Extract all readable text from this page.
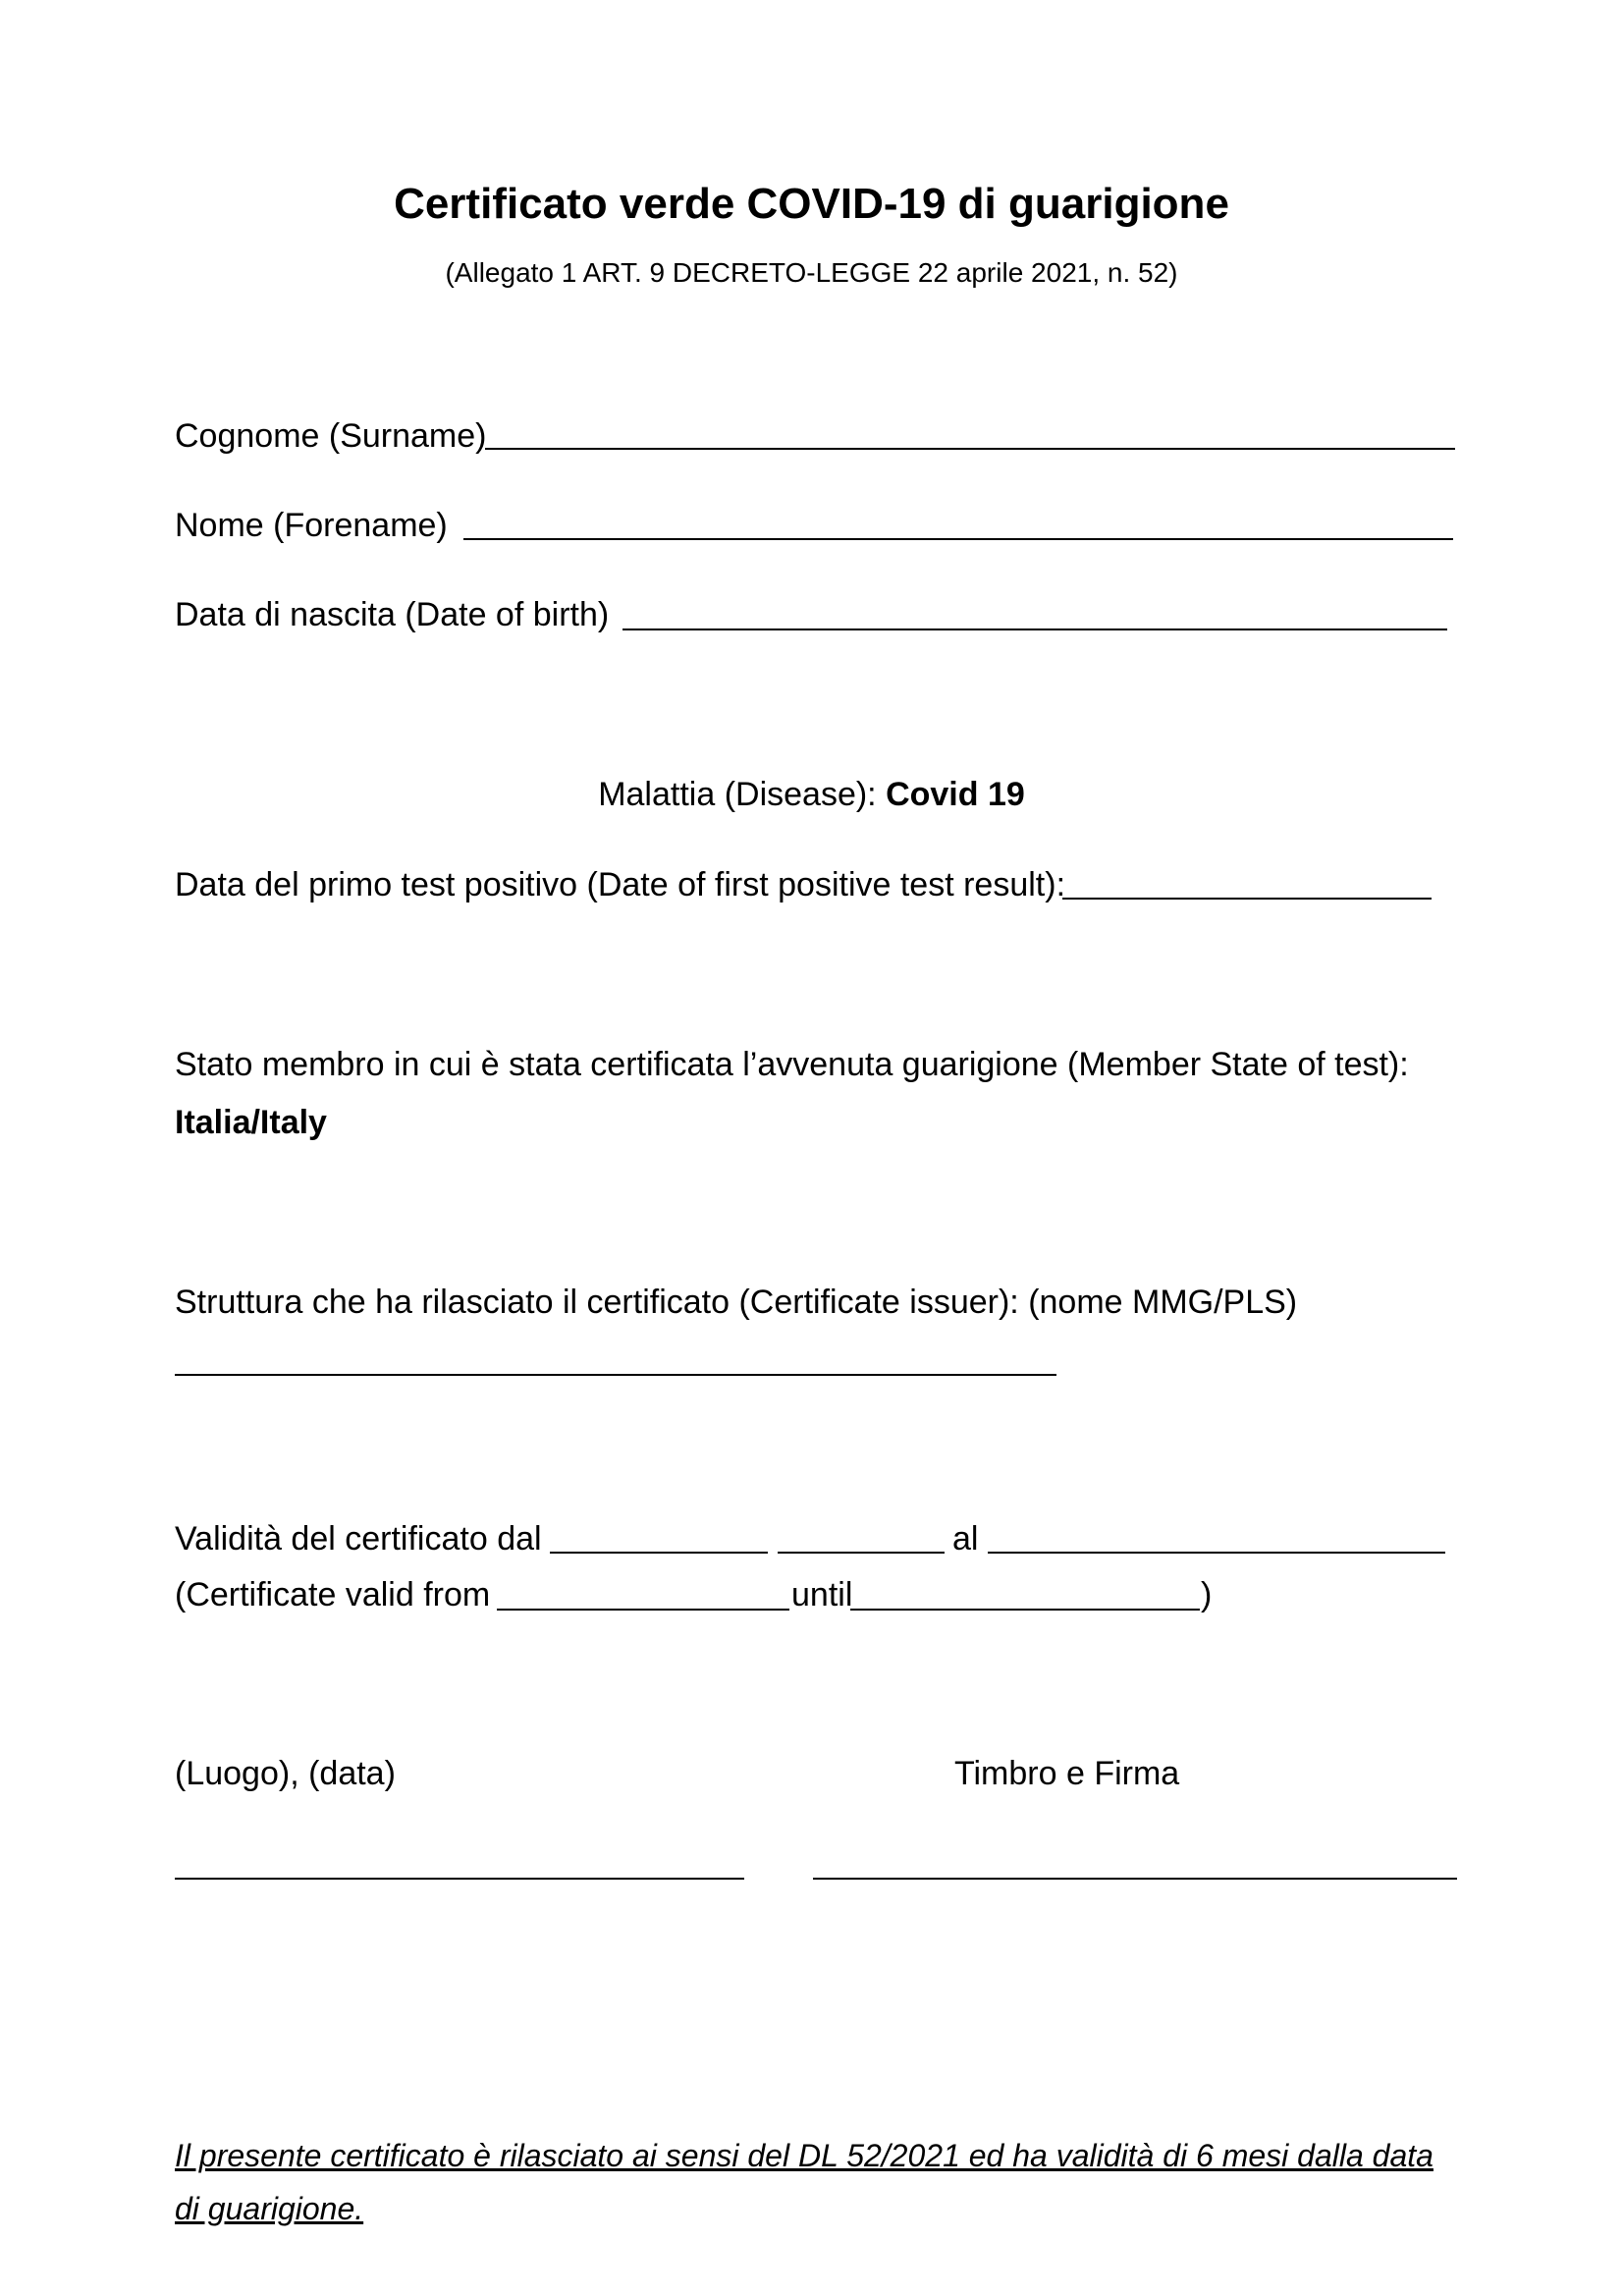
Certificato verde COVID-19 di guarigione
(Allegato 1 ART. 9 DECRETO-LEGGE 22 aprile 2021, n. 52)
Cognome (Surname)
Nome (Forename)
Data di nascita (Date of birth)
Malattia (Disease): Covid 19
Data del primo test positivo (Date of first positive test result):
Stato membro in cui è stata certificata l’avvenuta guarigione (Member State of test):
Italia/Italy
Struttura che ha rilasciato il certificato (Certificate issuer): (nome MMG/PLS)
Validità del certificato dal	al
(Certificate valid from	until	)
(Luogo), (data)	Timbro e Firma
Il presente certificato è rilasciato ai sensi del DL 52/2021 ed ha validità di 6 mesi dalla data di guarigione.
